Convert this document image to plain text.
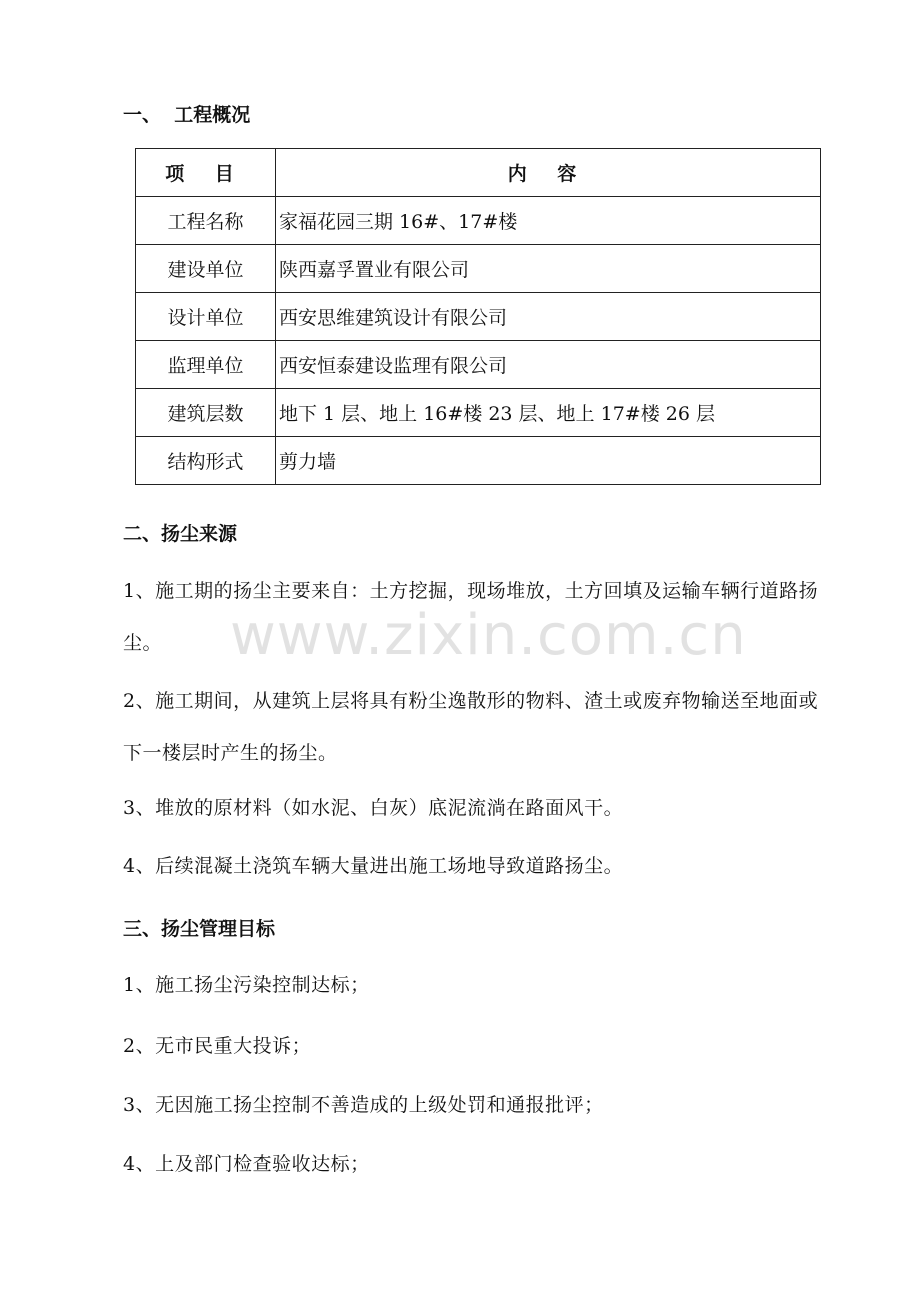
一、  工程概况
项 目	内 容
工程名称	家福花园三期 16#、17#楼
建设单位	陕西嘉孚置业有限公司
设计单位	西安思维建筑设计有限公司
监理单位	西安恒泰建设监理有限公司
建筑层数	地下 1 层、地上 16#楼 23 层、地上 17#楼 26 层
结构形式	剪力墙
二、扬尘来源

1、施工期的扬尘主要来自：土方挖掘，现场堆放，土方回填及运输车辆行道路扬尘。

2、施工期间，从建筑上层将具有粉尘逸散形的物料、渣土或废弃物输送至地面或下一楼层时产生的扬尘。

3、堆放的原材料（如水泥、白灰）底泥流淌在路面风干。

4、后续混凝土浇筑车辆大量进出施工场地导致道路扬尘。

三、扬尘管理目标

1、施工扬尘污染控制达标；

2、无市民重大投诉；

3、无因施工扬尘控制不善造成的上级处罚和通报批评；

4、上及部门检查验收达标；

www.zixin.com.cn
